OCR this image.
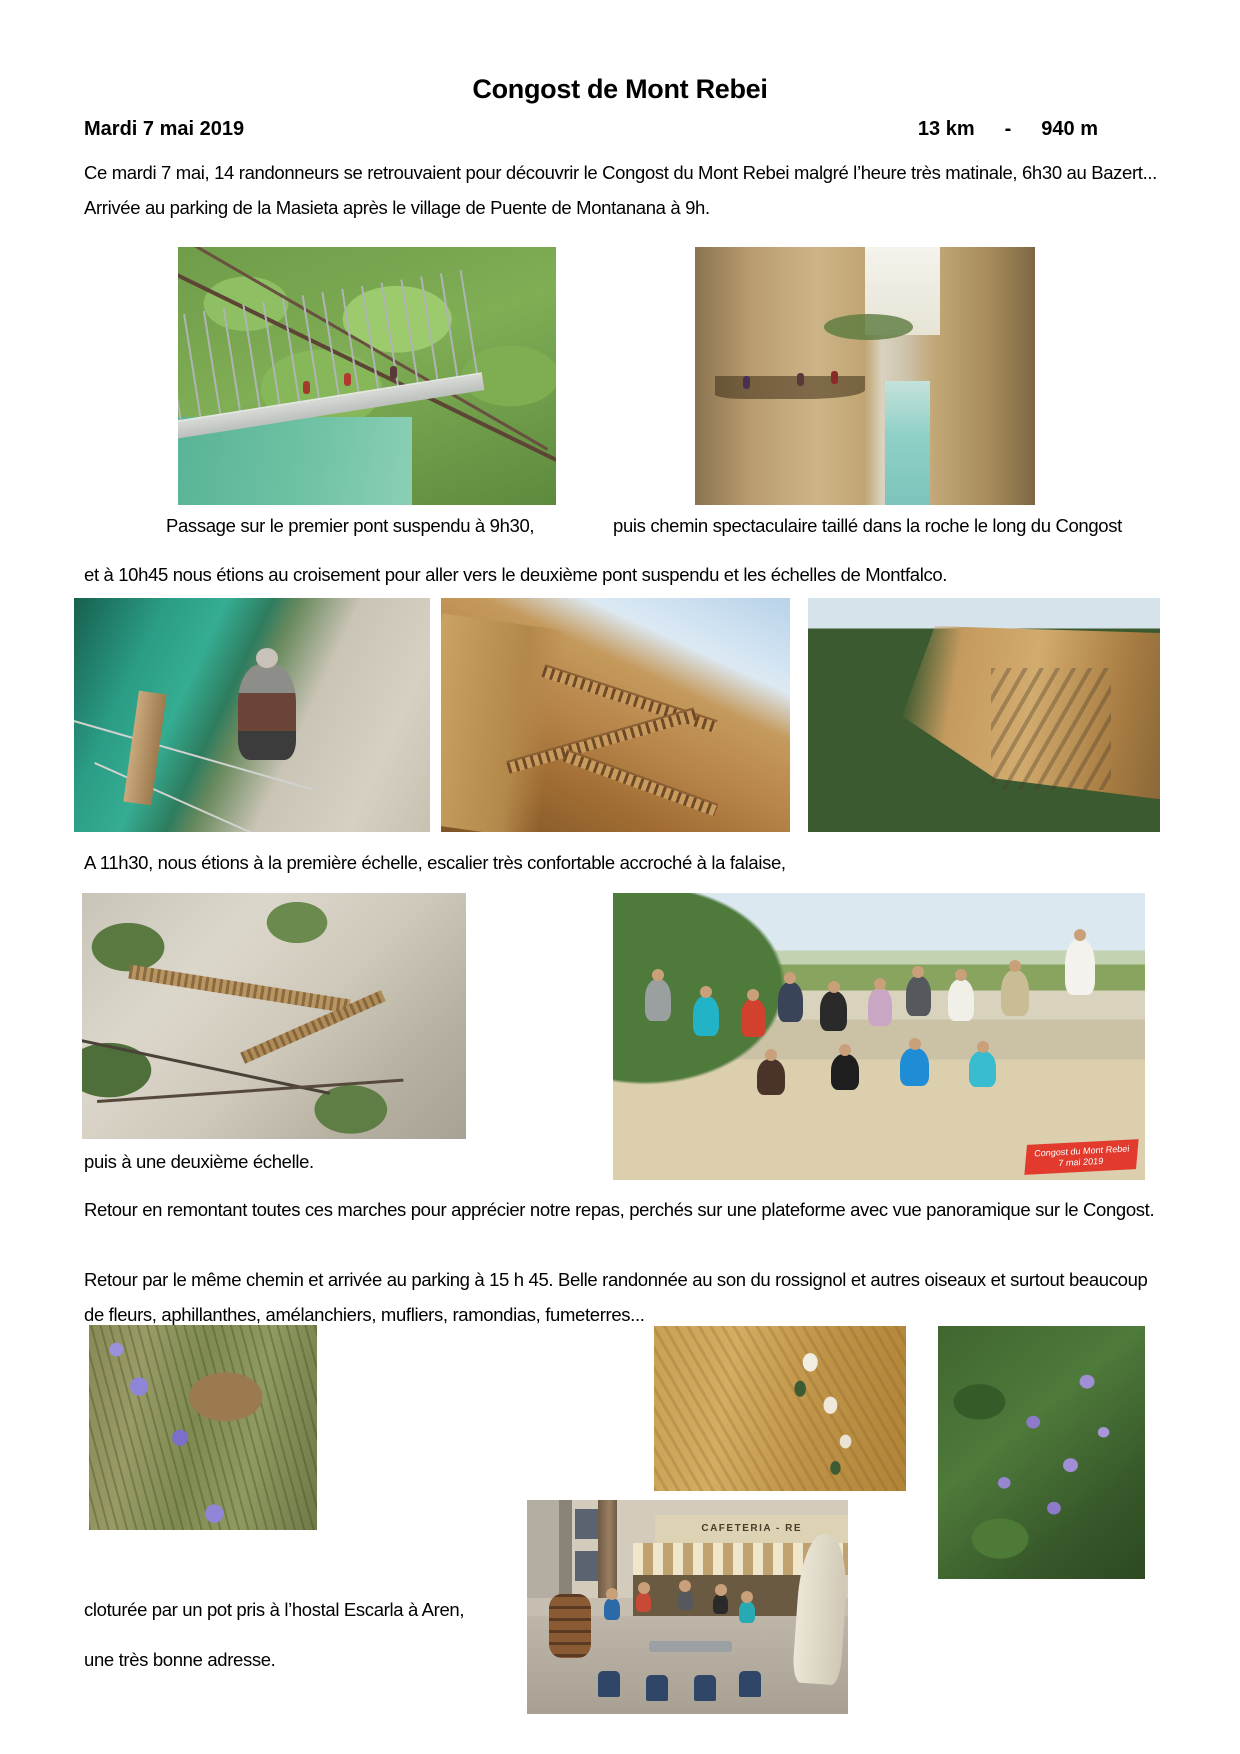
Congost de Mont Rebei
Mardi 7 mai 2019	13 km - 940 m
Ce mardi 7 mai, 14 randonneurs se retrouvaient pour découvrir le Congost du Mont Rebei malgré l’heure très matinale, 6h30 au Bazert... Arrivée au parking de la Masieta après le village de Puente de Montanana à 9h.
Passage sur le premier pont suspendu à 9h30,	puis chemin spectaculaire taillé dans la roche le long du Congost
et à 10h45 nous étions au croisement pour aller vers le deuxième pont suspendu et les échelles de Montfalco.
A 11h30, nous étions à la première échelle, escalier très confortable accroché à la falaise,
Congost du Mont Rebei
7 mai 2019
puis à une deuxième échelle.
Retour en remontant toutes ces marches pour apprécier notre repas, perchés sur une plateforme avec vue panoramique sur le Congost.
Retour par le même chemin et arrivée au parking à 15 h 45. Belle randonnée au son du rossignol et autres oiseaux et surtout beaucoup de fleurs, aphillanthes, amélanchiers, mufliers, ramondias, fumeterres...
CAFETERIA - RE
cloturée par un pot pris à l’hostal Escarla à Aren,
une très bonne adresse.
